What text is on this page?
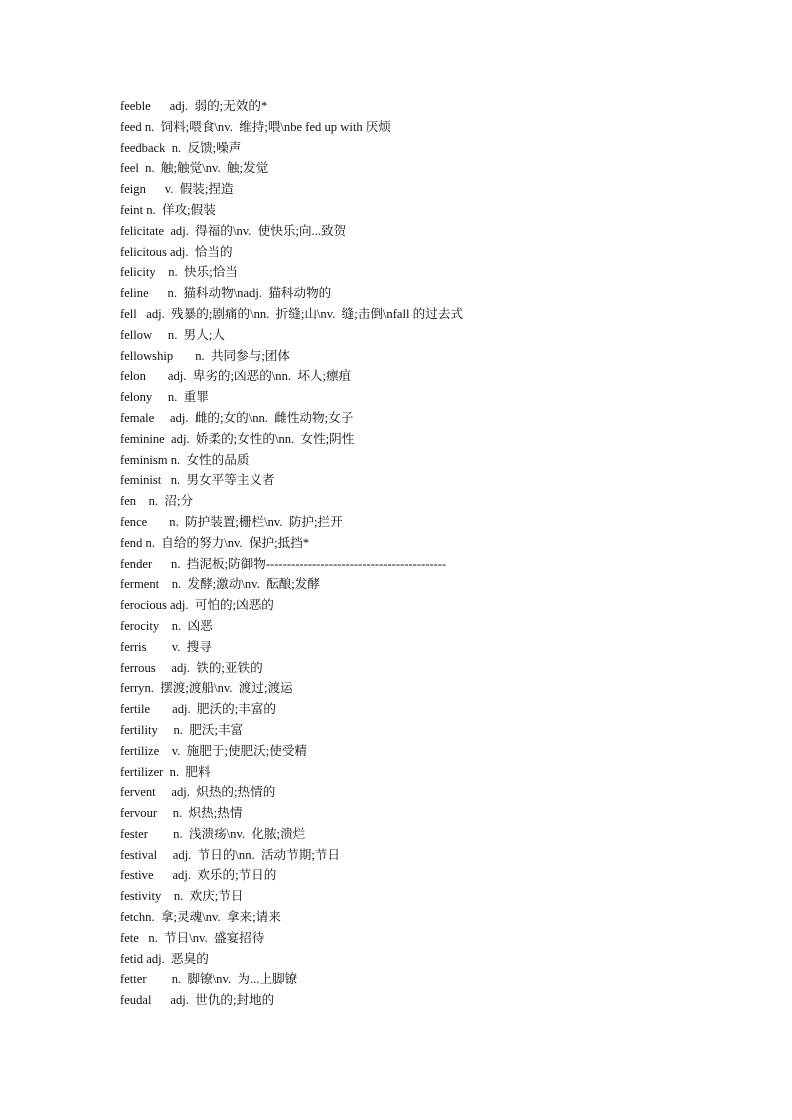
feeble      adj.  弱的;无效的*
feed n.  饲料;喂食\nv.  维持;喂\nbe fed up with 厌烦
feedback  n.  反馈;噪声
feel  n.  触;触觉\nv.  触;发觉
feign      v.  假装;捏造
feint n.  佯攻;假装
felicitate  adj.  得福的\nv.  使快乐;向...致贺
felicitous adj.  恰当的
felicity    n.  快乐;恰当
feline      n.  猫科动物\nadj.  猫科动物的
fell   adj.  残暴的;剧痛的\nn.  折缝;山\nv.  缝;击倒\nfall 的过去式
fellow     n.  男人;人
fellowship       n.  共同参与;团体
felon       adj.  卑劣的;凶恶的\nn.  坏人;瘭疽
felony     n.  重罪
female     adj.  雌的;女的\nn.  雌性动物;女子
feminine  adj.  娇柔的;女性的\nn.  女性;阴性
feminism n.  女性的品质
feminist   n.  男女平等主义者
fen    n.  沼;分
fence       n.  防护装置;栅栏\nv.  防护;拦开
fend n.  自给的努力\nv.  保护;抵挡*
fender      n.  挡泥板;防御物-------------------------------------------
ferment    n.  发酵;激动\nv.  酝酿;发酵
ferocious adj.  可怕的;凶恶的
ferocity    n.  凶恶
ferris        v.  搜寻
ferrous     adj.  铁的;亚铁的
ferryn.  摆渡;渡船\nv.  渡过;渡运
fertile       adj.  肥沃的;丰富的
fertility     n.  肥沃;丰富
fertilize    v.  施肥于;使肥沃;使受精
fertilizer  n.  肥料
fervent     adj.  炽热的;热情的
fervour     n.  炽热;热情
fester        n.  浅溃疡\nv.  化脓;溃烂
festival     adj.  节日的\nn.  活动节期;节日
festive      adj.  欢乐的;节日的
festivity    n.  欢庆;节日
fetchn.  拿;灵魂\nv.  拿来;请来
fete   n.  节日\nv.  盛宴招待
fetid adj.  恶臭的
fetter        n.  脚镣\nv.  为...上脚镣
feudal      adj.  世仇的;封地的
